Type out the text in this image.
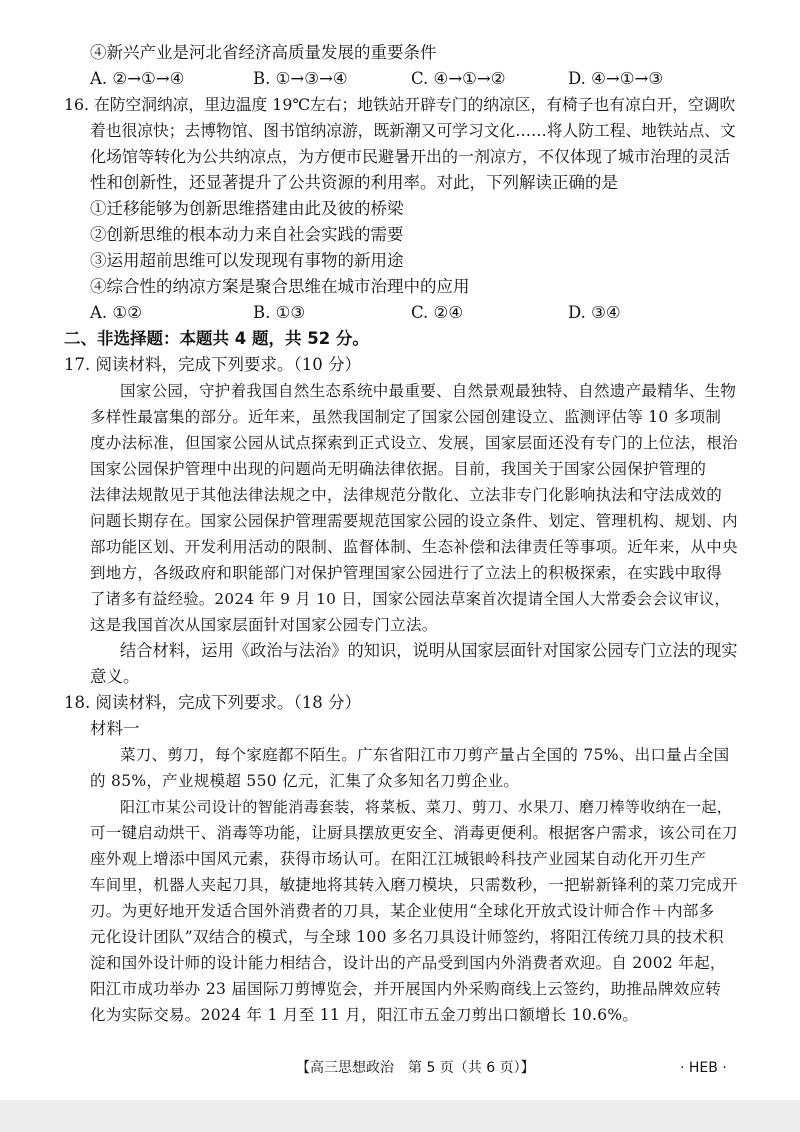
④新兴产业是河北省经济高质量发展的重要条件
A. ②→①→④	B. ①→③→④	C. ④→①→②	D. ④→①→③
16. 在防空洞纳凉，里边温度 19℃左右；地铁站开辟专门的纳凉区，有椅子也有凉白开，空调吹
着也很凉快；去博物馆、图书馆纳凉游，既新潮又可学习文化……将人防工程、地铁站点、文
化场馆等转化为公共纳凉点，为方便市民避暑开出的一剂凉方，不仅体现了城市治理的灵活
性和创新性，还显著提升了公共资源的利用率。对此，下列解读正确的是
①迁移能够为创新思维搭建由此及彼的桥梁
②创新思维的根本动力来自社会实践的需要
③运用超前思维可以发现现有事物的新用途
④综合性的纳凉方案是聚合思维在城市治理中的应用
A. ①②	B. ①③	C. ②④	D. ③④
二、非选择题：本题共 4 题，共 52 分。
17. 阅读材料，完成下列要求。（10 分）
国家公园，守护着我国自然生态系统中最重要、自然景观最独特、自然遗产最精华、生物
多样性最富集的部分。近年来，虽然我国制定了国家公园创建设立、监测评估等 10 多项制
度办法标准，但国家公园从试点探索到正式设立、发展，国家层面还没有专门的上位法，根治
国家公园保护管理中出现的问题尚无明确法律依据。目前，我国关于国家公园保护管理的
法律法规散见于其他法律法规之中，法律规范分散化、立法非专门化影响执法和守法成效的
问题长期存在。国家公园保护管理需要规范国家公园的设立条件、划定、管理机构、规划、内
部功能区划、开发利用活动的限制、监督体制、生态补偿和法律责任等事项。近年来，从中央
到地方，各级政府和职能部门对保护管理国家公园进行了立法上的积极探索，在实践中取得
了诸多有益经验。2024 年 9 月 10 日，国家公园法草案首次提请全国人大常委会会议审议，
这是我国首次从国家层面针对国家公园专门立法。
结合材料，运用《政治与法治》的知识，说明从国家层面针对国家公园专门立法的现实
意义。
18. 阅读材料，完成下列要求。（18 分）
材料一
菜刀、剪刀，每个家庭都不陌生。广东省阳江市刀剪产量占全国的 75%、出口量占全国
的 85%，产业规模超 550 亿元，汇集了众多知名刀剪企业。
阳江市某公司设计的智能消毒套装，将菜板、菜刀、剪刀、水果刀、磨刀棒等收纳在一起，
可一键启动烘干、消毒等功能，让厨具摆放更安全、消毒更便利。根据客户需求，该公司在刀
座外观上增添中国风元素，获得市场认可。在阳江江城银岭科技产业园某自动化开刃生产
车间里，机器人夹起刀具，敏捷地将其转入磨刀模块，只需数秒，一把崭新锋利的菜刀完成开
刃。为更好地开发适合国外消费者的刀具，某企业使用“全球化开放式设计师合作＋内部多
元化设计团队”双结合的模式，与全球 100 多名刀具设计师签约，将阳江传统刀具的技术积
淀和国外设计师的设计能力相结合，设计出的产品受到国内外消费者欢迎。自 2002 年起，
阳江市成功举办 23 届国际刀剪博览会，并开展国内外采购商线上云签约，助推品牌效应转
化为实际交易。2024 年 1 月至 11 月，阳江市五金刀剪出口额增长 10.6%。
【高三思想政治　第 5 页（共 6 页）】	· HEB ·
